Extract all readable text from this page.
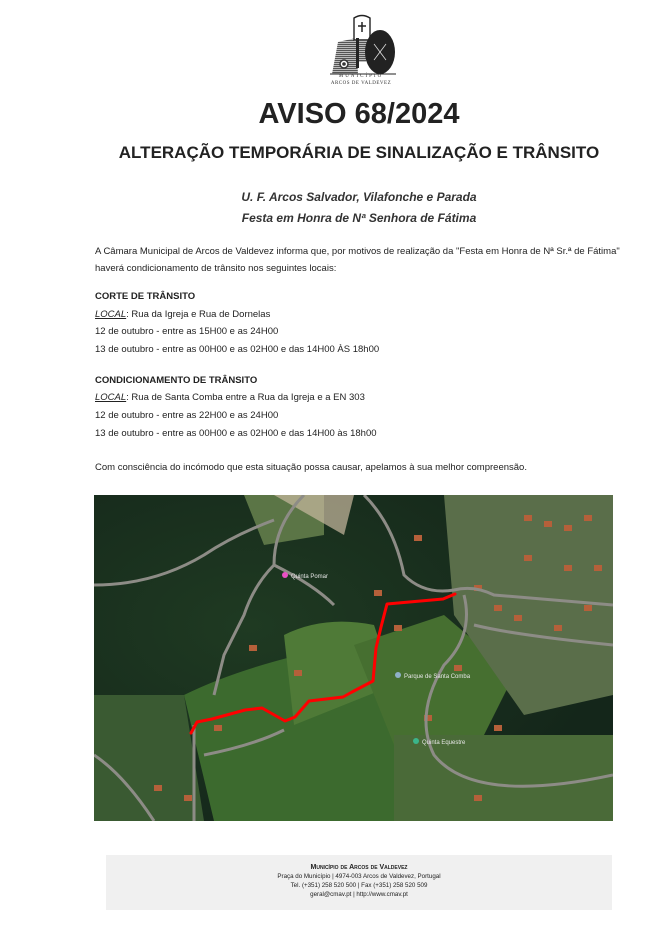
MUNICÍPIO
ARCOS DE VALDEVEZ
AVISO 68/2024
ALTERAÇÃO TEMPORÁRIA DE SINALIZAÇÃO E TRÂNSITO
U. F. Arcos Salvador, Vilafonche e Parada
Festa em Honra de Nª Senhora de Fátima
A Câmara Municipal de Arcos de Valdevez informa que, por motivos de realização da "Festa em Honra de Nª Sr.ª de Fátima" haverá condicionamento de trânsito nos seguintes locais:
CORTE DE TRÂNSITO
LOCAL: Rua da Igreja e Rua de Dornelas
12 de outubro - entre as 15H00 e as 24H00
13 de outubro - entre as 00H00 e as 02H00 e das 14H00 ÀS 18h00
CONDICIONAMENTO DE TRÂNSITO
LOCAL: Rua de Santa Comba entre a Rua da Igreja e a EN 303
12 de outubro - entre as 22H00 e as 24H00
13 de outubro - entre as 00H00 e as 02H00 e das 14H00 às 18h00
Com consciência do incómodo que esta situação possa causar, apelamos à sua melhor compreensão.
Quinta Pomar
Parque de Santa Comba
Quinta Equestre
Município de Arcos de Valdevez
Praça do Município | 4974-003 Arcos de Valdevez, Portugal
Tel. (+351) 258 520 500 | Fax (+351) 258 520 509
geral@cmav.pt | http://www.cmav.pt
